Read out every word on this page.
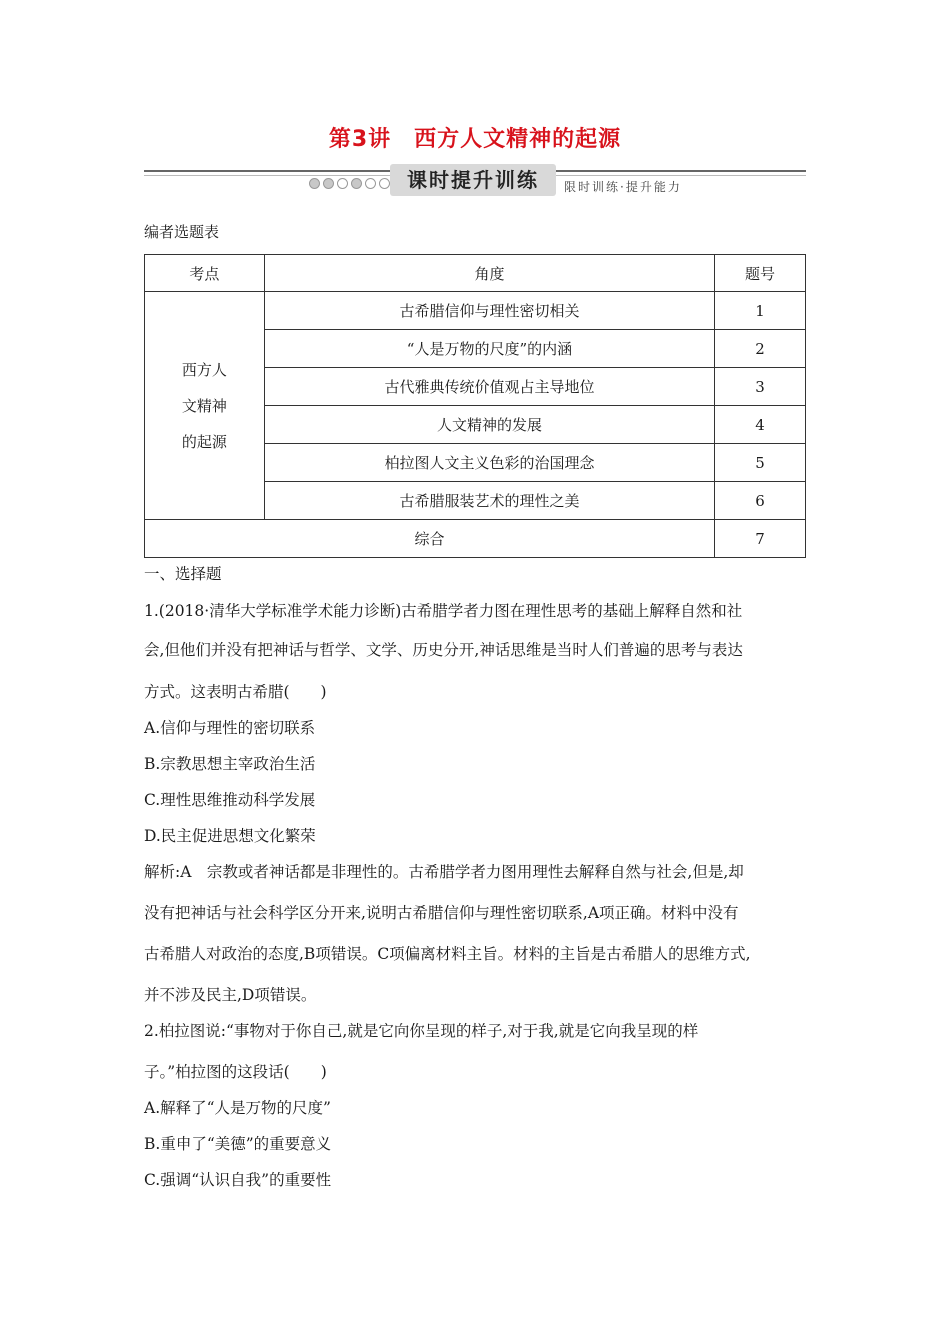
第3讲　西方人文精神的起源
课时提升训练	限时训练·提升能力
编者选题表
考点	角度	题号

西方人
文精神
的起源	古希腊信仰与理性密切相关	1
	“人是万物的尺度”的内涵	2
	古代雅典传统价值观占主导地位	3
	人文精神的发展	4
	柏拉图人文主义色彩的治国理念	5
	古希腊服装艺术的理性之美	6
综合		7
一、选择题
1.(2018·清华大学标准学术能力诊断)古希腊学者力图在理性思考的基础上解释自然和社
会,但他们并没有把神话与哲学、文学、历史分开,神话思维是当时人们普遍的思考与表达
方式。这表明古希腊(　　)
A.信仰与理性的密切联系
B.宗教思想主宰政治生活
C.理性思维推动科学发展
D.民主促进思想文化繁荣
解析:A　宗教或者神话都是非理性的。古希腊学者力图用理性去解释自然与社会,但是,却
没有把神话与社会科学区分开来,说明古希腊信仰与理性密切联系,A项正确。材料中没有
古希腊人对政治的态度,B项错误。C项偏离材料主旨。材料的主旨是古希腊人的思维方式,
并不涉及民主,D项错误。
2.柏拉图说:“事物对于你自己,就是它向你呈现的样子,对于我,就是它向我呈现的样
子。”柏拉图的这段话(　　)
A.解释了“人是万物的尺度”
B.重申了“美德”的重要意义
C.强调“认识自我”的重要性
